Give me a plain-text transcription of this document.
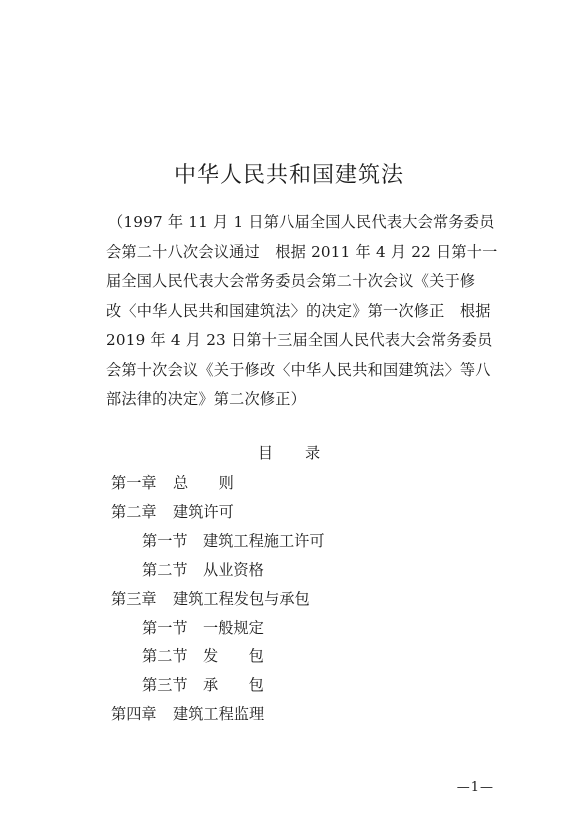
中华人民共和国建筑法
（1997 年 11 月 1 日第八届全国人民代表大会常务委员
会第二十八次会议通过　根据 2011 年 4 月 22 日第十一
届全国人民代表大会常务委员会第二十次会议《关于修
改〈中华人民共和国建筑法〉的决定》第一次修正　根据
2019 年 4 月 23 日第十三届全国人民代表大会常务委员
会第十次会议《关于修改〈中华人民共和国建筑法〉等八
部法律的决定》第二次修正）
目 录
第一章 总　　则
第二章 建筑许可
第一节 建筑工程施工许可
第二节 从业资格
第三章 建筑工程发包与承包
第一节 一般规定
第二节 发　　包
第三节 承　　包
第四章 建筑工程监理
—1—
